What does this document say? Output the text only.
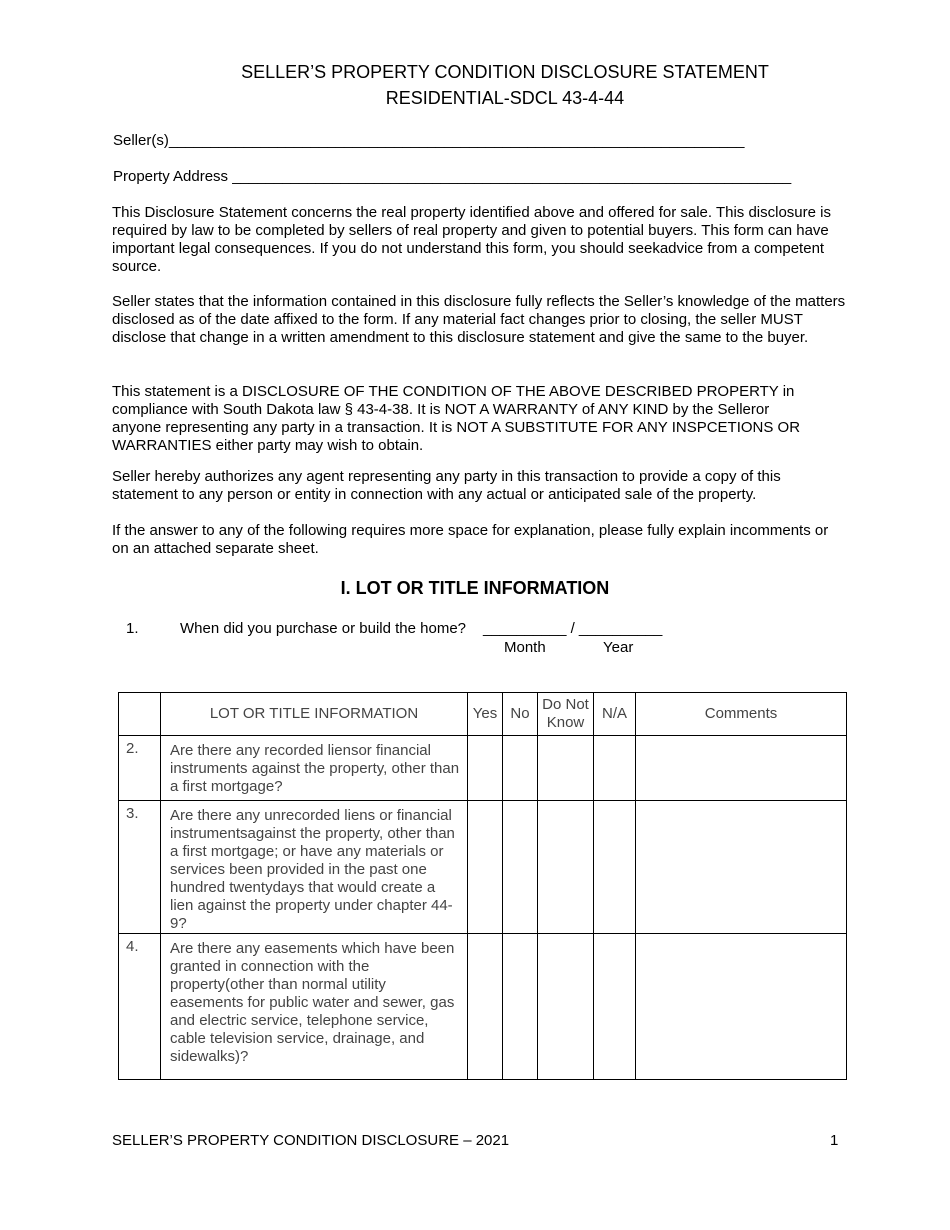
SELLER’S PROPERTY CONDITION DISCLOSURE STATEMENT
RESIDENTIAL-SDCL 43-4-44
Seller(s)_____________________________________________________________________
Property Address ___________________________________________________________________
This Disclosure Statement concerns the real property identified above and offered for sale. This disclosure is required by law to be completed by sellers of real property and given to potential buyers. This form can have important legal consequences. If you do not understand this form, you should seekadvice from a competent source.
Seller states that the information contained in this disclosure fully reflects the Seller’s knowledge of the matters disclosed as of the date affixed to the form. If any material fact changes prior to closing, the seller MUST disclose that change in a written amendment to this disclosure statement and give the same to the buyer.
This statement is a DISCLOSURE OF THE CONDITION OF THE ABOVE DESCRIBED PROPERTY in compliance with South Dakota law § 43-4-38. It is NOT A WARRANTY of ANY KIND by the Selleror anyone representing any party in a transaction. It is NOT A SUBSTITUTE FOR ANY INSPCETIONS OR WARRANTIES either party may wish to obtain.
Seller hereby authorizes any agent representing any party in this transaction to provide a copy of this statement to any person or entity in connection with any actual or anticipated sale of the property.
If the answer to any of the following requires more space for explanation, please fully explain incomments or on an attached separate sheet.
I. LOT OR TITLE INFORMATION
1.	When did you purchase or build the home? __________ / __________
Month	Year
	LOT OR TITLE INFORMATION	Yes	No	Do Not Know	N/A	Comments
2.	Are there any recorded liensor financial instruments against the property, other than a first mortgage?					
3.	Are there any unrecorded liens or financial instrumentsagainst the property, other than a first mortgage; or have any materials or services been provided in the past one hundred twentydays that would create a lien against the property under chapter 44-9?					
4.	Are there any easements which have been granted in connection with the property(other than normal utility easements for public water and sewer, gas and electric service, telephone service, cable television service, drainage, and sidewalks)?					
SELLER’S PROPERTY CONDITION DISCLOSURE – 2021	1
